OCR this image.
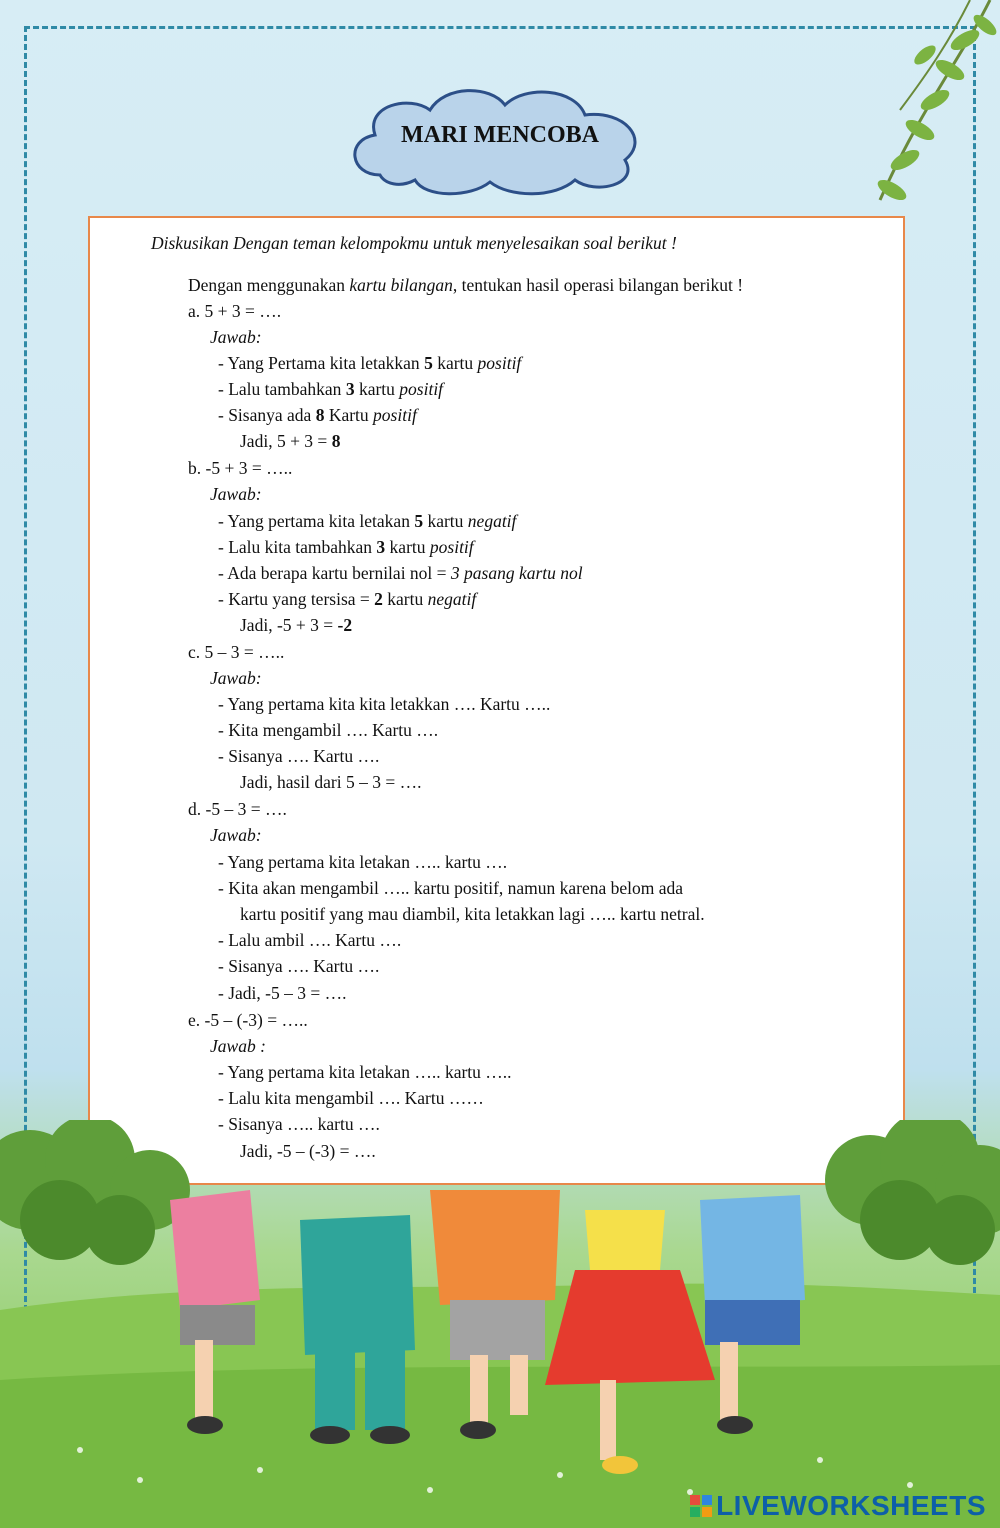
MARI MENCOBA
Diskusikan Dengan teman kelompokmu untuk menyelesaikan soal berikut !
Dengan menggunakan kartu bilangan, tentukan hasil operasi bilangan berikut !
a. 5 + 3 = ….
Jawab:
- Yang Pertama kita letakkan 5 kartu positif
- Lalu tambahkan 3 kartu positif
- Sisanya ada 8 Kartu positif
Jadi, 5 + 3 = 8
b. -5 + 3 = …..
Jawab:
- Yang pertama kita letakan 5 kartu negatif
- Lalu kita tambahkan 3 kartu positif
- Ada berapa kartu bernilai nol = 3 pasang kartu nol
- Kartu yang tersisa = 2 kartu negatif
Jadi, -5 + 3 = -2
c. 5 – 3 = …..
Jawab:
- Yang pertama kita kita letakkan …. Kartu …..
- Kita mengambil …. Kartu ….
- Sisanya …. Kartu ….
Jadi, hasil dari 5 – 3 = ….
d. -5 – 3 = ….
Jawab:
- Yang pertama kita letakan ….. kartu ….
- Kita akan mengambil ….. kartu positif, namun karena belom ada
kartu positif yang mau diambil, kita letakkan lagi ….. kartu netral.
- Lalu ambil …. Kartu ….
- Sisanya …. Kartu ….
- Jadi, -5 – 3 = ….
e. -5 – (-3) = …..
Jawab :
- Yang pertama kita letakan ….. kartu …..
- Lalu kita mengambil …. Kartu ……
- Sisanya ….. kartu ….
Jadi, -5 – (-3) = ….
LIVEWORKSHEETS
